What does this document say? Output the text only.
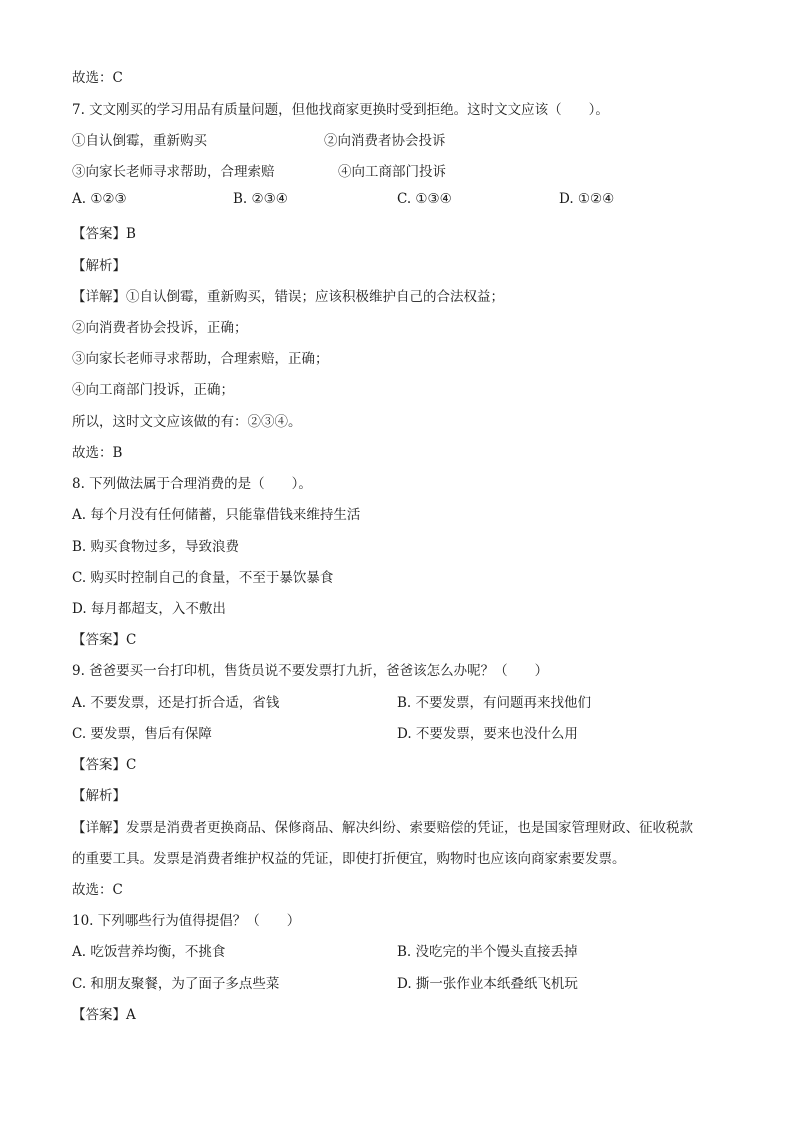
故选：C
7. 文文刚买的学习用品有质量问题，但他找商家更换时受到拒绝。这时文文应该（　　）。
①自认倒霉，重新购买	②向消费者协会投诉
③向家长老师寻求帮助，合理索赔	④向工商部门投诉
A. ①②③	B. ②③④	C. ①③④	D. ①②④
【答案】B
【解析】
【详解】①自认倒霉，重新购买，错误；应该积极维护自己的合法权益；
②向消费者协会投诉，正确；
③向家长老师寻求帮助，合理索赔，正确；
④向工商部门投诉，正确；
所以，这时文文应该做的有：②③④。
故选：B
8. 下列做法属于合理消费的是（　　）。
A. 每个月没有任何储蓄，只能靠借钱来维持生活
B. 购买食物过多，导致浪费
C. 购买时控制自己的食量，不至于暴饮暴食
D. 每月都超支，入不敷出
【答案】C
9. 爸爸要买一台打印机，售货员说不要发票打九折，爸爸该怎么办呢？（　　）
A. 不要发票，还是打折合适，省钱	B. 不要发票，有问题再来找他们
C. 要发票，售后有保障	D. 不要发票，要来也没什么用
【答案】C
【解析】
【详解】发票是消费者更换商品、保修商品、解决纠纷、索要赔偿的凭证，也是国家管理财政、征收税款
的重要工具。发票是消费者维护权益的凭证，即使打折便宜，购物时也应该向商家索要发票。
故选：C
10. 下列哪些行为值得提倡？（　　）
A. 吃饭营养均衡，不挑食	B. 没吃完的半个馒头直接丢掉
C. 和朋友聚餐，为了面子多点些菜	D. 撕一张作业本纸叠纸飞机玩
【答案】A
